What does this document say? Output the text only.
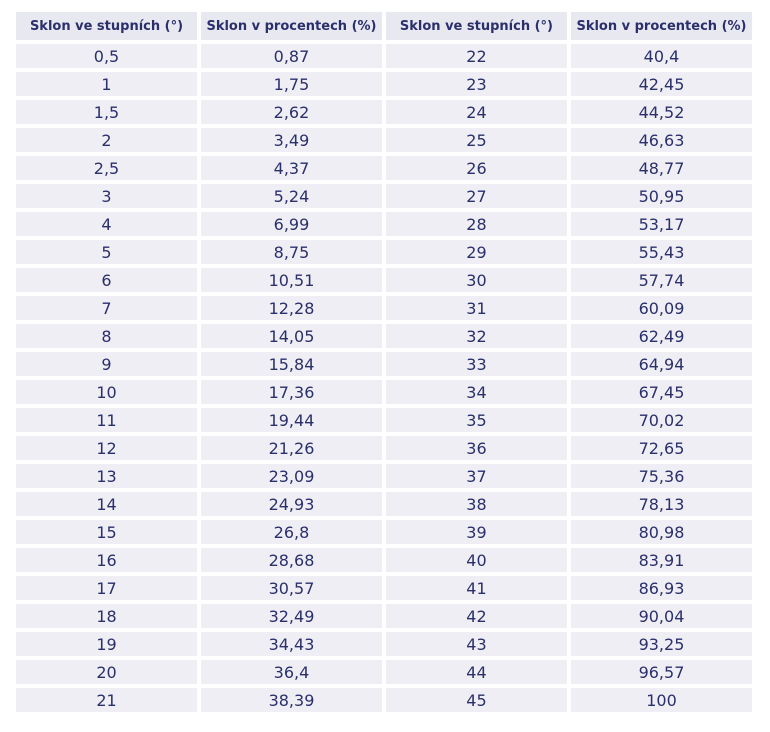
Sklon ve stupních (°)	Sklon v procentech (%)	Sklon ve stupních (°)	Sklon v procentech (%)
0,5	0,87	22	40,4
1	1,75	23	42,45
1,5	2,62	24	44,52
2	3,49	25	46,63
2,5	4,37	26	48,77
3	5,24	27	50,95
4	6,99	28	53,17
5	8,75	29	55,43
6	10,51	30	57,74
7	12,28	31	60,09
8	14,05	32	62,49
9	15,84	33	64,94
10	17,36	34	67,45
11	19,44	35	70,02
12	21,26	36	72,65
13	23,09	37	75,36
14	24,93	38	78,13
15	26,8	39	80,98
16	28,68	40	83,91
17	30,57	41	86,93
18	32,49	42	90,04
19	34,43	43	93,25
20	36,4	44	96,57
21	38,39	45	100
